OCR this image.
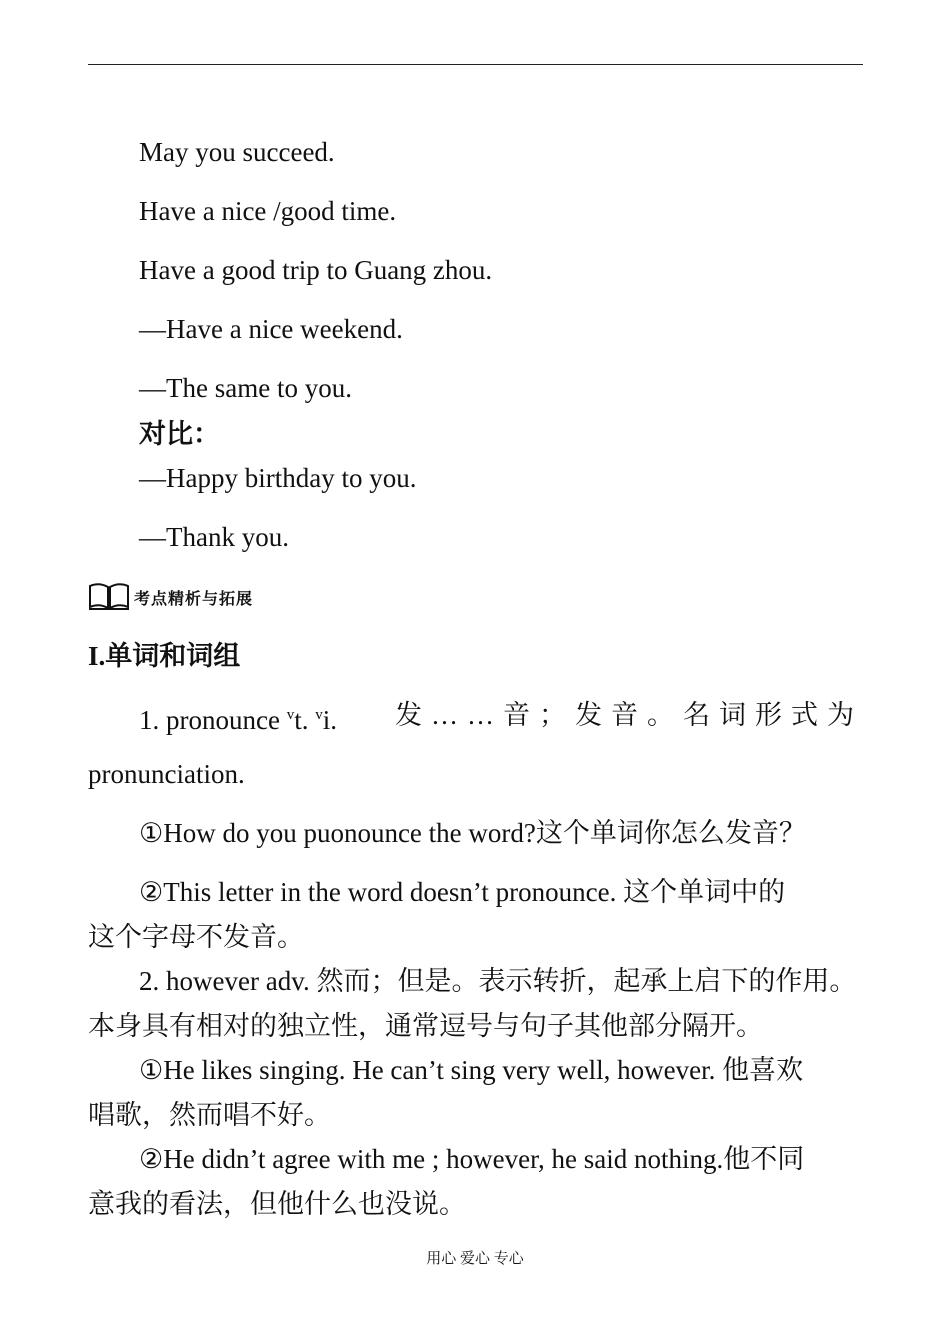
May you succeed.
Have a nice /good time.
Have a good trip to Guang zhou.
—Have a nice weekend.
—The same to you.
对比：
—Happy birthday to you.
—Thank you.
考点精析与拓展
I.单词和词组
1. pronounce $^v$t. $^v$i. 发……音；发音。名词形式为
pronunciation.
①How do you puonounce the word?这个单词你怎么发音？
②This letter in the word doesn’t pronounce. 这个单词中的
这个字母不发音。
2. however adv. 然而；但是。表示转折，起承上启下的作用。
本身具有相对的独立性，通常逗号与句子其他部分隔开。
①He likes singing. He can’t sing very well, however. 他喜欢
唱歌，然而唱不好。
②He didn’t agree with me ; however, he said nothing.他不同
意我的看法，但他什么也没说。
用心 爱心 专心
